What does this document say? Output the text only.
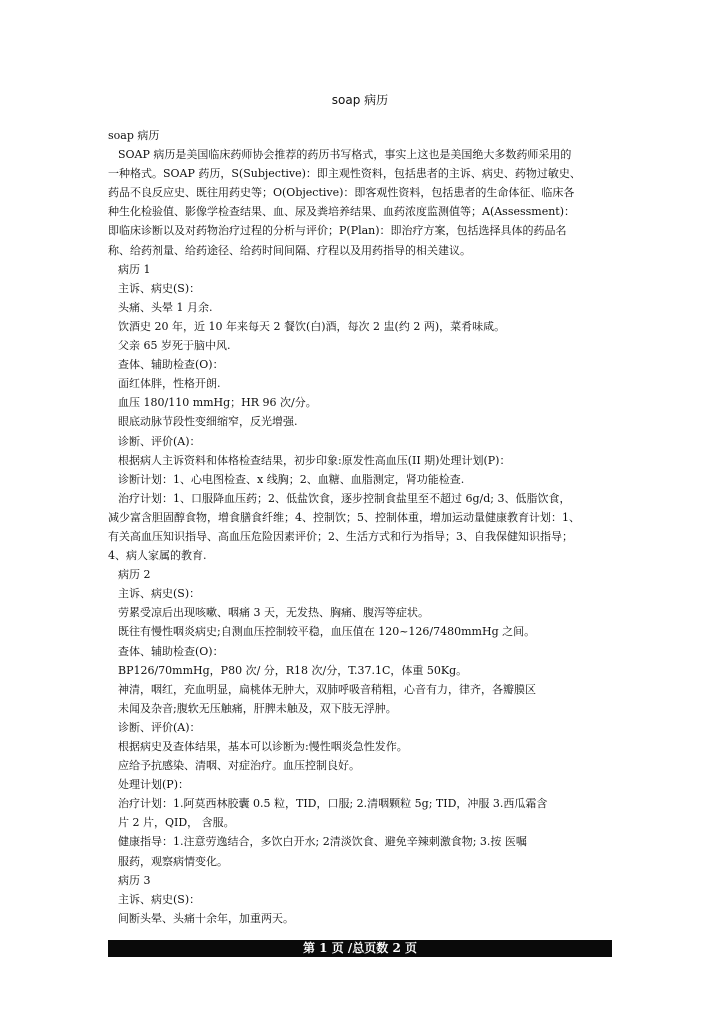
soap 病历
soap 病历
SOAP 病历是美国临床药师协会推荐的药历书写格式，事实上这也是美国绝大多数药师采用的
一种格式。SOAP 药历，S(Subjective)：即主观性资料，包括患者的主诉、病史、药物过敏史、
药品不良反应史、既往用药史等；O(Objective)：即客观性资料，包括患者的生命体征、临床各
种生化检验值、影像学检查结果、血、尿及粪培养结果、血药浓度监测值等；A(Assessment)：
即临床诊断以及对药物治疗过程的分析与评价；P(Plan)：即治疗方案，包括选择具体的药品名
称、给药剂量、给药途径、给药时间间隔、疗程以及用药指导的相关建议。
病历 1
主诉、病史(S)：
头痛、头晕 1 月余.
饮酒史 20 年，近 10 年来每天 2 餐饮(白)酒，每次 2 盅(约 2 两)，菜肴味咸。
父亲 65 岁死于脑中风.
查体、辅助检查(O)：
面红体胖，性格开朗.
血压 180/110 mmHg；HR 96 次/分。
眼底动脉节段性变细缩窄，反光增强.
诊断、评价(A)：
根据病人主诉资料和体格检查结果，初步印象:原发性高血压(II 期)处理计划(P)：
诊断计划：1、心电图检查、x 线胸；2、血糖、血脂测定，肾功能检查.
治疗计划：1、口服降血压药；2、低盐饮食，逐步控制食盐里至不超过 6g/d; 3、低脂饮食，
减少富含胆固醇食物，增食膳食纤维；4、控制饮；5、控制体重，增加运动量健康教育计划：1、
有关高血压知识指导、高血压危险因素评价；2、生活方式和行为指导；3、自我保健知识指导；
4、病人家属的教育.
病历 2
主诉、病史(S)：
劳累受凉后出现咳嗽、咽痛 3 天，无发热、胸痛、腹泻等症状。
既往有慢性咽炎病史;自测血压控制较平稳，血压值在 120~126/7480mmHg 之间。
查体、辅助检查(O)：
BP126/70mmHg，P80 次/ 分，R18 次/分，T.37.1C，体重 50Kg。
神清，咽红，充血明显，扁桃体无肿大，双肺呼吸音稍粗，心音有力，律齐，各瓣膜区
未闻及杂音;腹软无压触痛，肝脾未触及，双下肢无浮肿。
诊断、评价(A)：
根据病史及查体结果，基本可以诊断为:慢性咽炎急性发作。
应给予抗感染、清咽、对症治疗。血压控制良好。
处理计划(P)：
治疗计划：1.阿莫西林胶囊 0.5 粒，TID，口服; 2.清咽颗粒 5g; TID，冲服 3.西瓜霜含
片 2 片，QID， 含服。
健康指导：1.注意劳逸结合，多饮白开水; 2清淡饮食、避免辛辣刺激食物; 3.按 医嘱
服药，观察病情变化。
病历 3
主诉、病史(S)：
间断头晕、头痛十余年，加重两天。
第 1 页 /总页数 2 页
